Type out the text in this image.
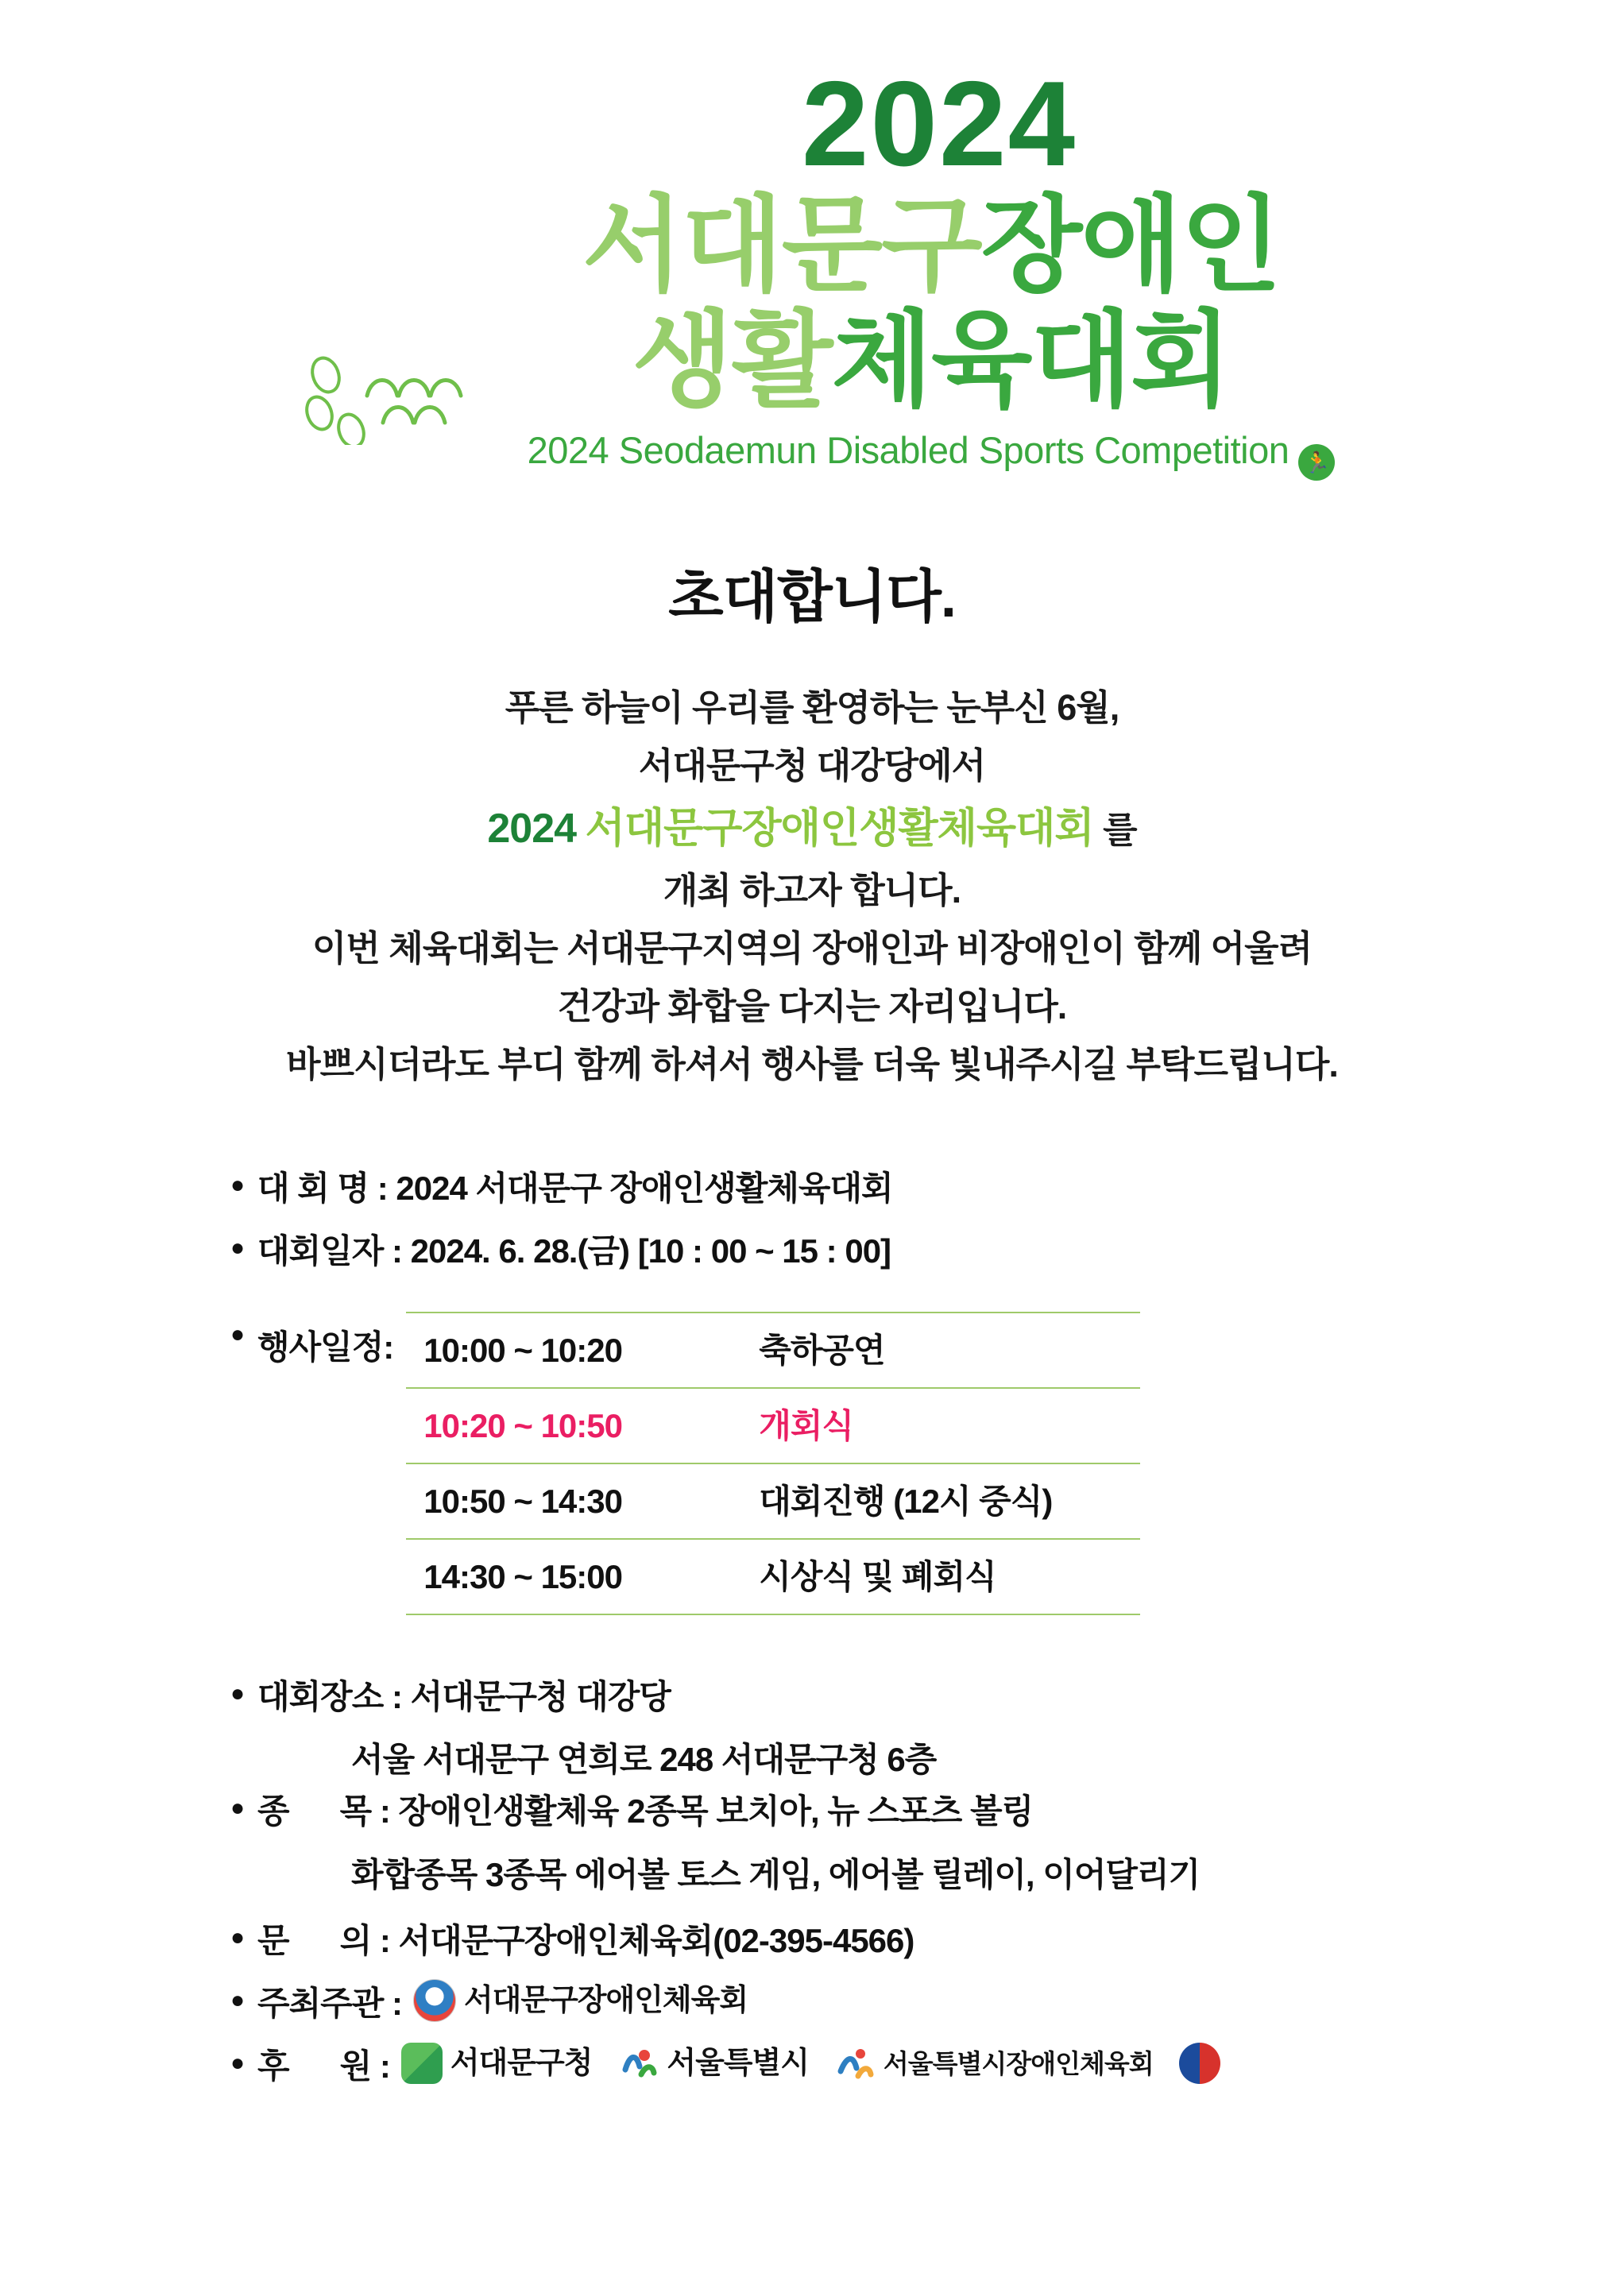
2024
서대문구장애인
생활체육대회
2024 Seodaemun Disabled Sports Competition 🏃
초대합니다.
푸른 하늘이 우리를 환영하는 눈부신 6월,
서대문구청 대강당에서
2024 서대문구장애인생활체육대회 를
개최 하고자 합니다.
이번 체육대회는 서대문구지역의 장애인과 비장애인이 함께 어울려
건강과 화합을 다지는 자리입니다.
바쁘시더라도 부디 함께 하셔서 행사를 더욱 빛내주시길 부탁드립니다.
● 대 회 명 : 2024 서대문구 장애인생활체육대회
● 대회일자 : 2024. 6. 28.(금) [10 : 00 ~ 15 : 00]
● 행사일정: 10:00 ~ 10:20	축하공연
10:20 ~ 10:50	개회식
10:50 ~ 14:30	대회진행 (12시 중식)
14:30 ~ 15:00	시상식 및 폐회식
● 대회장소 : 서대문구청 대강당
서울 서대문구 연희로 248 서대문구청 6층
● 종      목 : 장애인생활체육 2종목 보치아, 뉴 스포츠 볼링
화합종목 3종목 에어볼 토스 게임, 에어볼 릴레이, 이어달리기
● 문      의 : 서대문구장애인체육회(02-395-4566)
● 주최주관 : 서대문구장애인체육회
● 후      원 : 서대문구청 서울특별시	서울특별시장애인체육회
